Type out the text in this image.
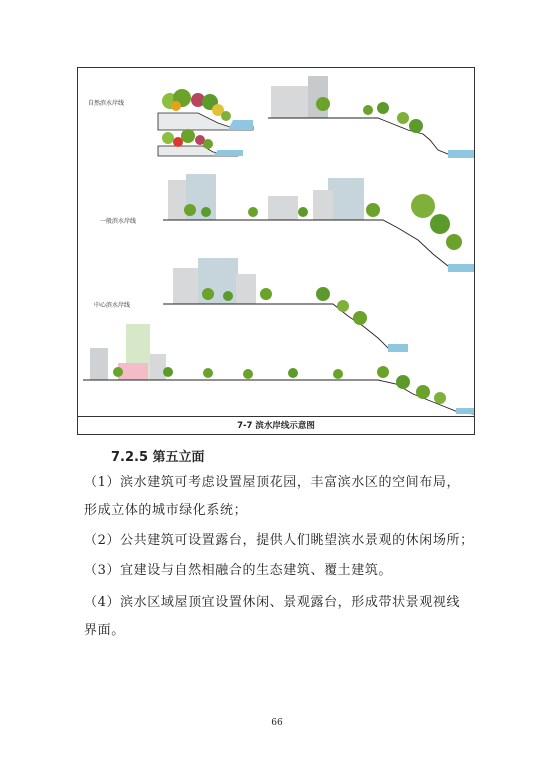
自然滨水岸线
一般滨水岸线
中心滨水岸线
7-7 滨水岸线示意图
7.2.5 第五立面
（1）滨水建筑可考虑设置屋顶花园，丰富滨水区的空间布局，
形成立体的城市绿化系统；
（2）公共建筑可设置露台，提供人们眺望滨水景观的休闲场所；
（3）宜建设与自然相融合的生态建筑、覆土建筑。
（4）滨水区域屋顶宜设置休闲、景观露台，形成带状景观视线
界面。
66
